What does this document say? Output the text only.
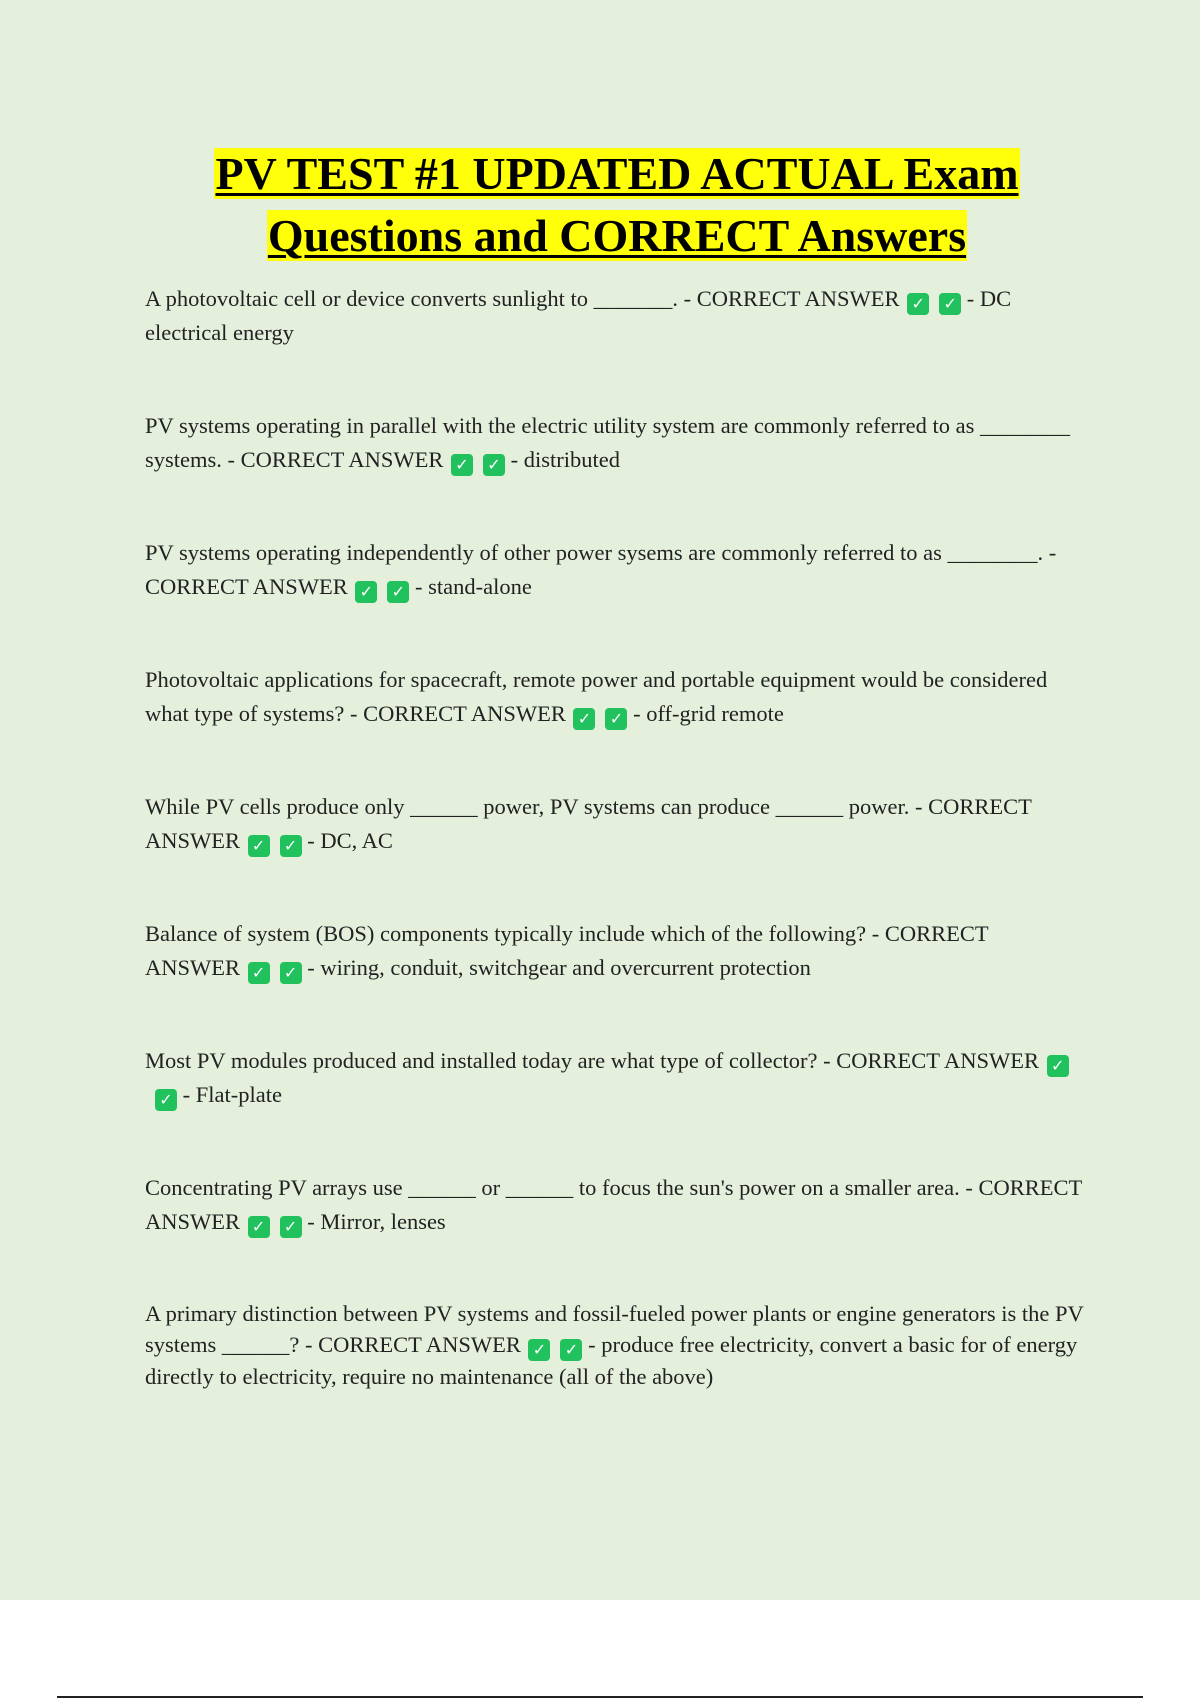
PV TEST #1 UPDATED ACTUAL Exam
Questions and CORRECT Answers
A photovoltaic cell or device converts sunlight to _______. - CORRECT ANSWER ✓ ✓ - DC electrical energy
PV systems operating in parallel with the electric utility system are commonly referred to as ________ systems. - CORRECT ANSWER ✓ ✓ - distributed
PV systems operating independently of other power sysems are commonly referred to as ________. - CORRECT ANSWER ✓ ✓ - stand-alone
Photovoltaic applications for spacecraft, remote power and portable equipment would be considered what type of systems? - CORRECT ANSWER ✓ ✓ - off-grid remote
While PV cells produce only ______ power, PV systems can produce ______ power. - CORRECT ANSWER ✓ ✓ - DC, AC
Balance of system (BOS) components typically include which of the following? - CORRECT ANSWER ✓ ✓ - wiring, conduit, switchgear and overcurrent protection
Most PV modules produced and installed today are what type of collector? - CORRECT ANSWER ✓✓ - Flat-plate
Concentrating PV arrays use ______ or ______ to focus the sun's power on a smaller area. - CORRECT ANSWER ✓ ✓ - Mirror, lenses
A primary distinction between PV systems and fossil-fueled power plants or engine generators is the PV systems ______? - CORRECT ANSWER ✓ ✓ - produce free electricity, convert a basic for of energy directly to electricity, require no maintenance (all of the above)
